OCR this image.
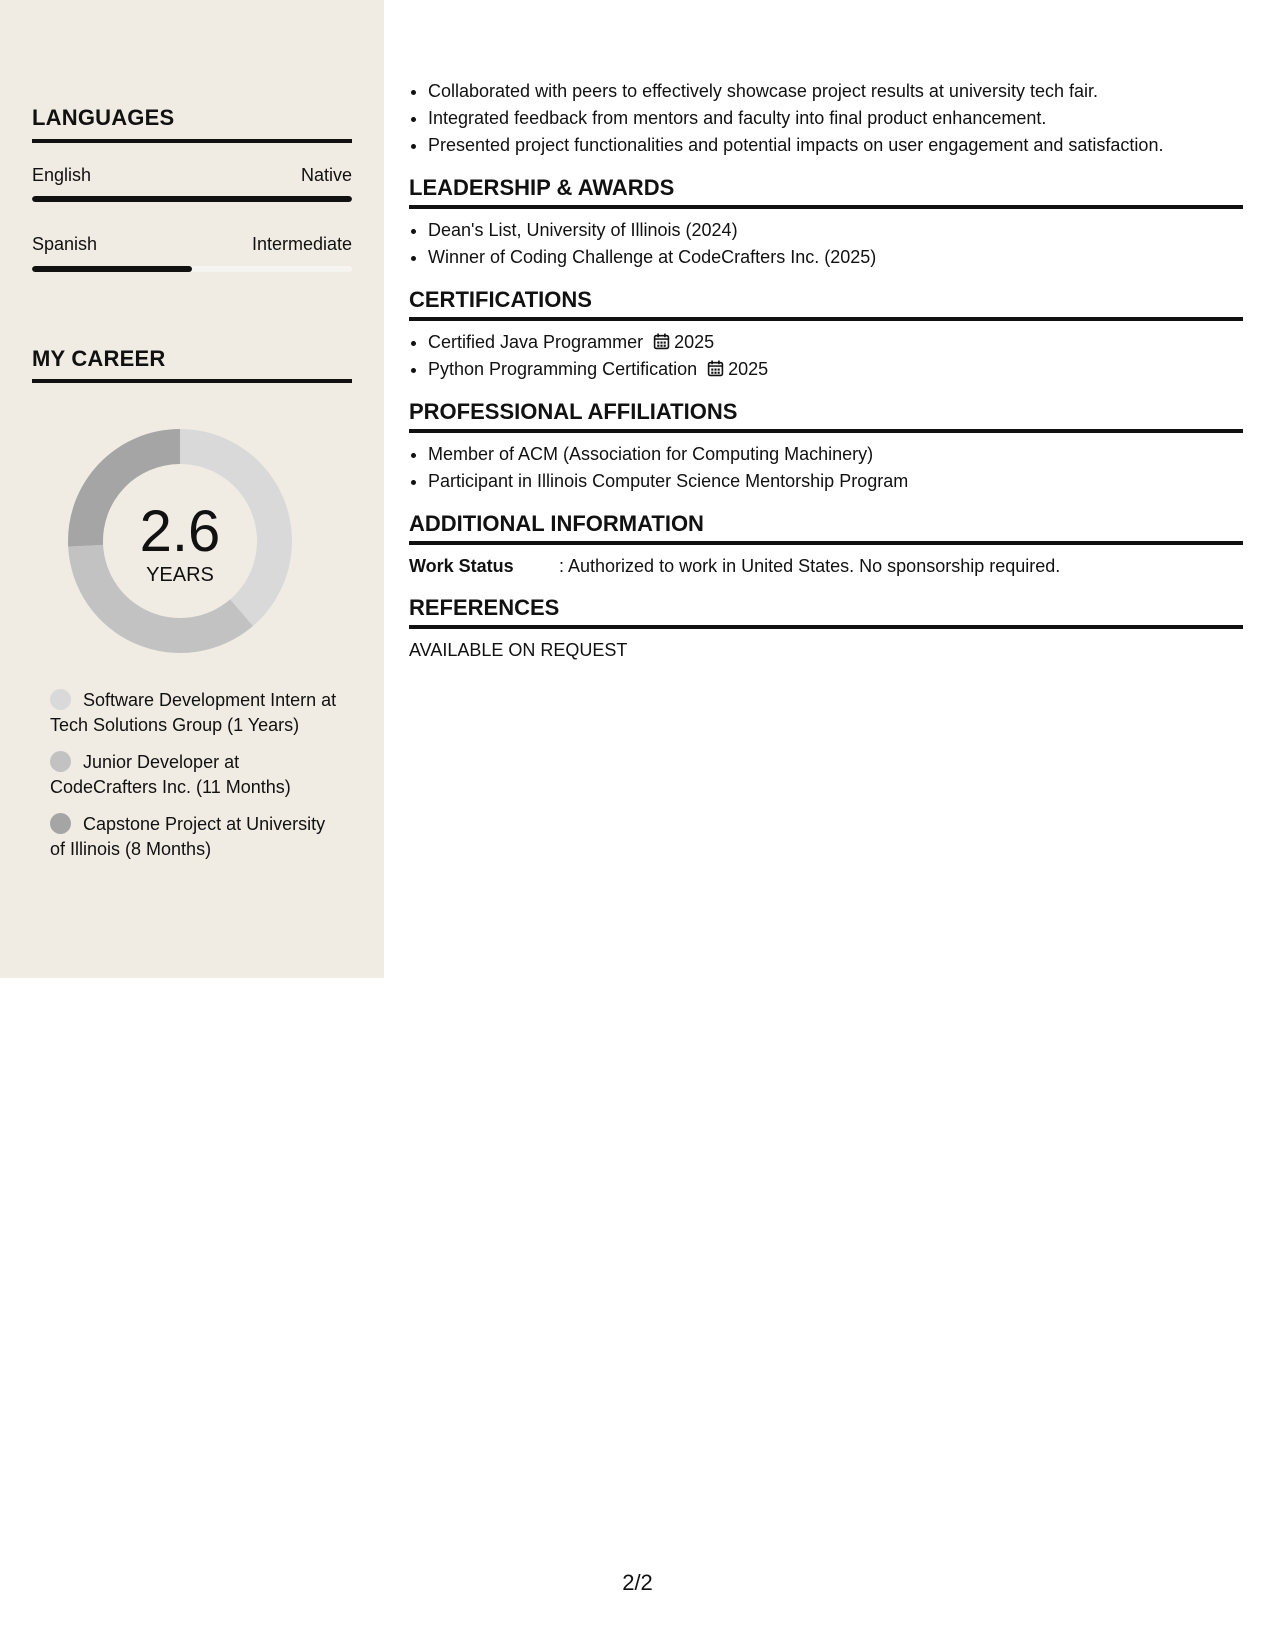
LANGUAGES
English	Native
Spanish	Intermediate
MY CAREER
2.6
YEARS
Software Development Intern at Tech Solutions Group (1 Years)
Junior Developer at CodeCrafters Inc. (11 Months)
Capstone Project at University of Illinois (8 Months)
• Collaborated with peers to effectively showcase project results at university tech fair.
• Integrated feedback from mentors and faculty into final product enhancement.
• Presented project functionalities and potential impacts on user engagement and satisfaction.
LEADERSHIP & AWARDS
• Dean's List, University of Illinois (2024)
• Winner of Coding Challenge at CodeCrafters Inc. (2025)
CERTIFICATIONS
• Certified Java Programmer 2025
• Python Programming Certification 2025
PROFESSIONAL AFFILIATIONS
• Member of ACM (Association for Computing Machinery)
• Participant in Illinois Computer Science Mentorship Program
ADDITIONAL INFORMATION
Work Status	: Authorized to work in United States. No sponsorship required.
REFERENCES
AVAILABLE ON REQUEST
2/2
